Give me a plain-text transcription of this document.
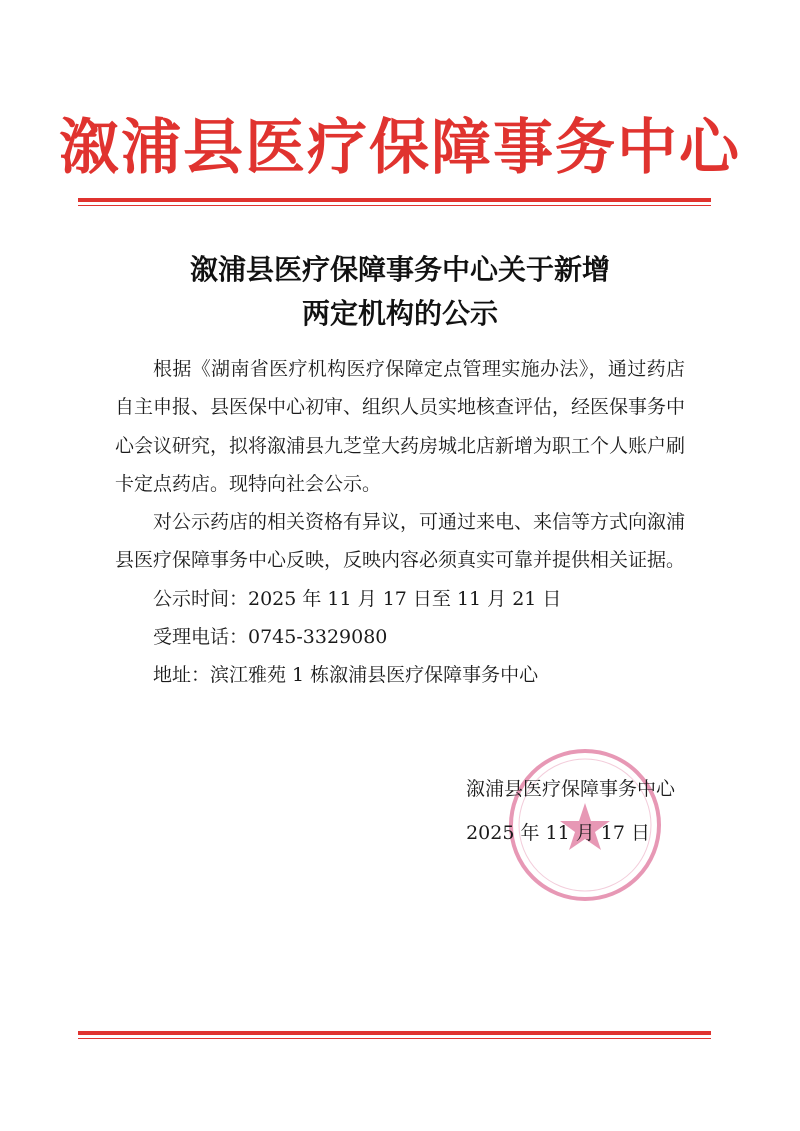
溆浦县医疗保障事务中心
溆浦县医疗保障事务中心关于新增
两定机构的公示

根据《湖南省医疗机构医疗保障定点管理实施办法》，通过药店自主申报、县医保中心初审、组织人员实地核查评估，经医保事务中心会议研究，拟将溆浦县九芝堂大药房城北店新增为职工个人账户刷卡定点药店。现特向社会公示。

对公示药店的相关资格有异议，可通过来电、来信等方式向溆浦县医疗保障事务中心反映，反映内容必须真实可靠并提供相关证据。

公示时间：2025 年 11 月 17 日至 11 月 21 日

受理电话：0745-3329080

地址：滨江雅苑 1 栋溆浦县医疗保障事务中心

溆浦县医疗保障事务中心
2025 年 11 月 17 日
